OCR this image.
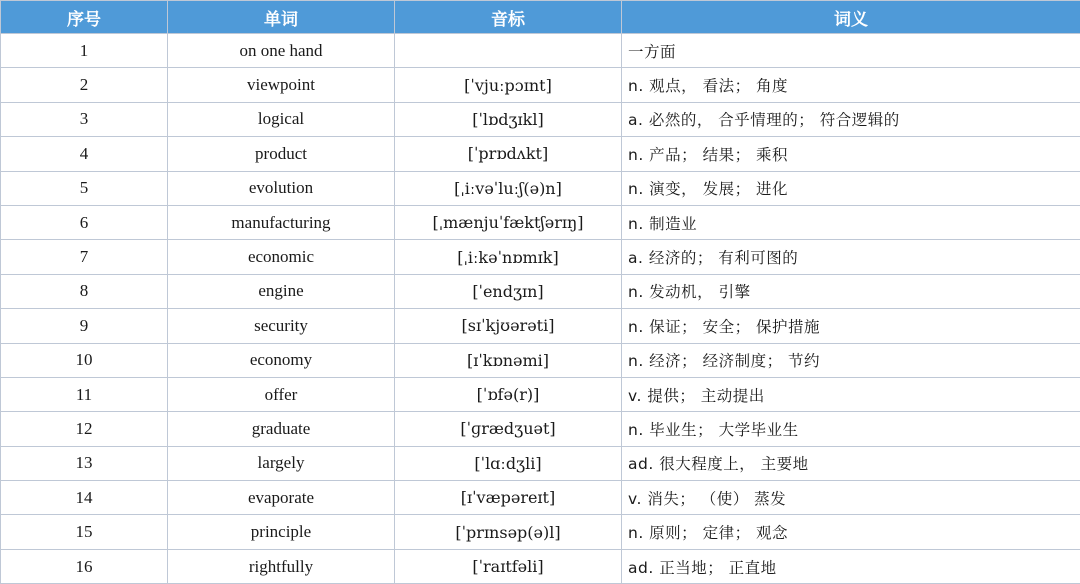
序号	单词	音标	词义
1	on one hand		一方面
2	viewpoint	[ˈvjuːpɔɪnt]	n. 观点， 看法； 角度
3	logical	[ˈlɒdʒɪkl]	a. 必然的， 合乎情理的； 符合逻辑的
4	product	[ˈprɒdʌkt]	n. 产品； 结果； 乘积
5	evolution	[ˌiːvəˈluːʃ(ə)n]	n. 演变， 发展； 进化
6	manufacturing	[ˌmænjuˈfæktʃərɪŋ]	n. 制造业
7	economic	[ˌiːkəˈnɒmɪk]	a. 经济的； 有利可图的
8	engine	[ˈendʒɪn]	n. 发动机， 引擎
9	security	[sɪˈkjʊərəti]	n. 保证； 安全； 保护措施
10	economy	[ɪˈkɒnəmi]	n. 经济； 经济制度； 节约
11	offer	[ˈɒfə(r)]	v. 提供； 主动提出
12	graduate	[ˈɡrædʒuət]	n. 毕业生； 大学毕业生
13	largely	[ˈlɑːdʒli]	ad. 很大程度上， 主要地
14	evaporate	[ɪˈvæpəreɪt]	v. 消失； （使） 蒸发
15	principle	[ˈprɪnsəp(ə)l]	n. 原则； 定律； 观念
16	rightfully	[ˈraɪtfəli]	ad. 正当地； 正直地
